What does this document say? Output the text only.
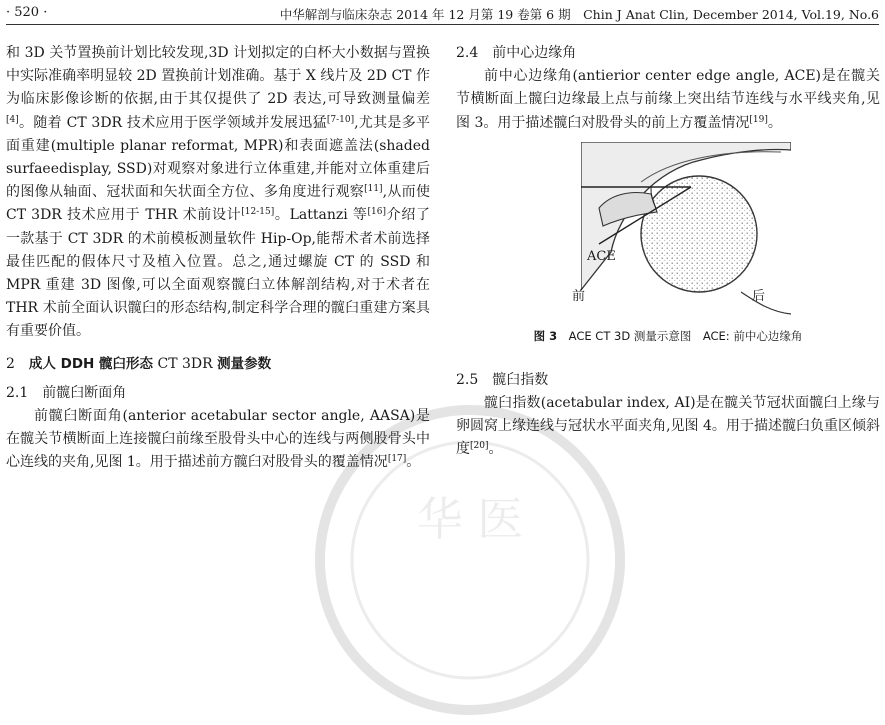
· 520 ·	中华解剖与临床杂志 2014 年 12 月第 19 卷第 6 期　Chin J Anat Clin, December 2014, Vol.19, No.6
华 医

和 3D 关节置换前计划比较发现,3D 计划拟定的白杯大小数据与置换中实际准确率明显较 2D 置换前计划准确。基于 X 线片及 2D CT 作为临床影像诊断的依据,由于其仅提供了 2D 表达,可导致测量偏差[4]。随着 CT 3DR 技术应用于医学领域并发展迅猛[7-10],尤其是多平面重建(multiple planar reformat, MPR)和表面遮盖法(shaded surfaeedisplay, SSD)对观察对象进行立体重建,并能对立体重建后的图像从轴面、冠状面和矢状面全方位、多角度进行观察[11],从而使 CT 3DR 技术应用于 THR 术前设计[12-15]。Lattanzi 等[16]介绍了一款基于 CT 3DR 的术前模板测量软件 Hip-Op,能帮术者术前选择最佳匹配的假体尺寸及植入位置。总之,通过螺旋 CT 的 SSD 和 MPR 重建 3D 图像,可以全面观察髋臼立体解剖结构,对于术者在 THR 术前全面认识髋臼的形态结构,制定科学合理的髋臼重建方案具有重要价值。

2　成人 DDH 髋臼形态 CT 3DR 测量参数

2.1　前髋臼断面角

前髋臼断面角(anterior acetabular sector angle, AASA)是在髋关节横断面上连接髋臼前缘至股骨头中心的连线与两侧股骨头中心连线的夹角,见图 1。用于描述前方髋臼对股骨头的覆盖情况[17]。

2.4　前中心边缘角

前中心边缘角(antierior center edge angle, ACE)是在髋关节横断面上髋臼边缘最上点与前缘上突出结节连线与水平线夹角,见图 3。用于描述髋臼对股骨头的前上方覆盖情况[19]。

ACE
前	后
图 3　 ACE CT 3D 测量示意图　ACE: 前中心边缘角

2.5　髋臼指数

髋臼指数(acetabular index, AI)是在髋关节冠状面髋臼上缘与卵圆窝上缘连线与冠状水平面夹角,见图 4。用于描述髋臼负重区倾斜度[20]。
